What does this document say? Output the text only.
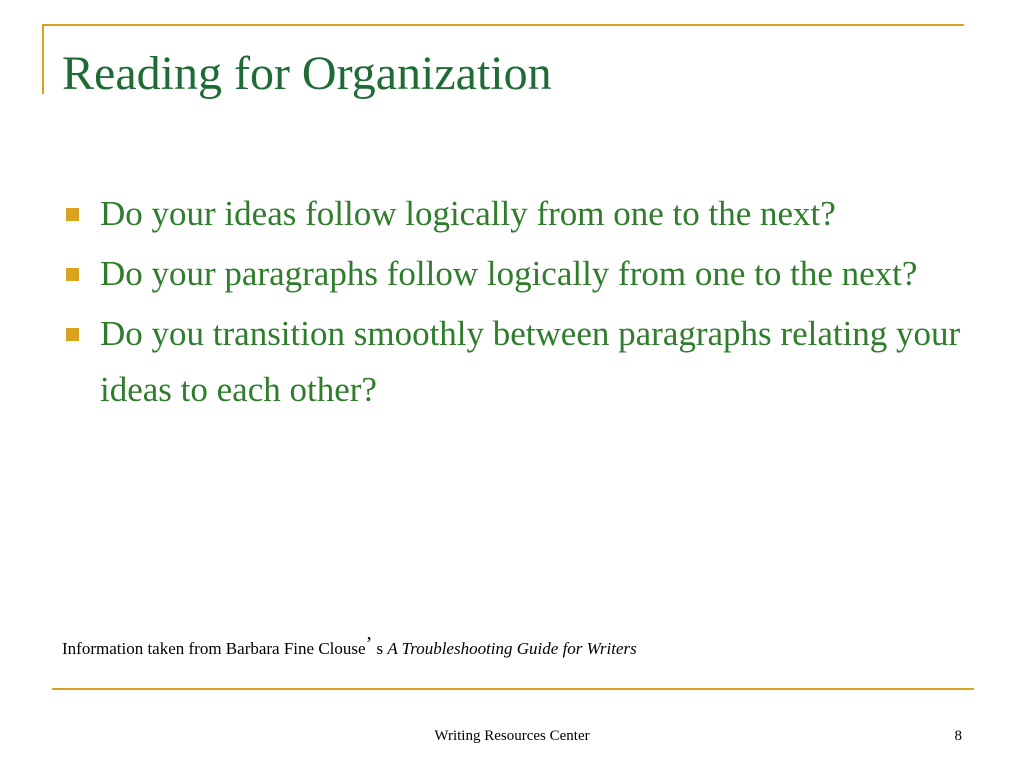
Reading for Organization
Do your ideas follow logically from one to the next?
Do your paragraphs follow logically from one to the next?
Do you transition smoothly between paragraphs relating your ideas to each other?
Information taken from Barbara Fine Clouse’ s A Troubleshooting Guide for Writers
Writing Resources Center	8
